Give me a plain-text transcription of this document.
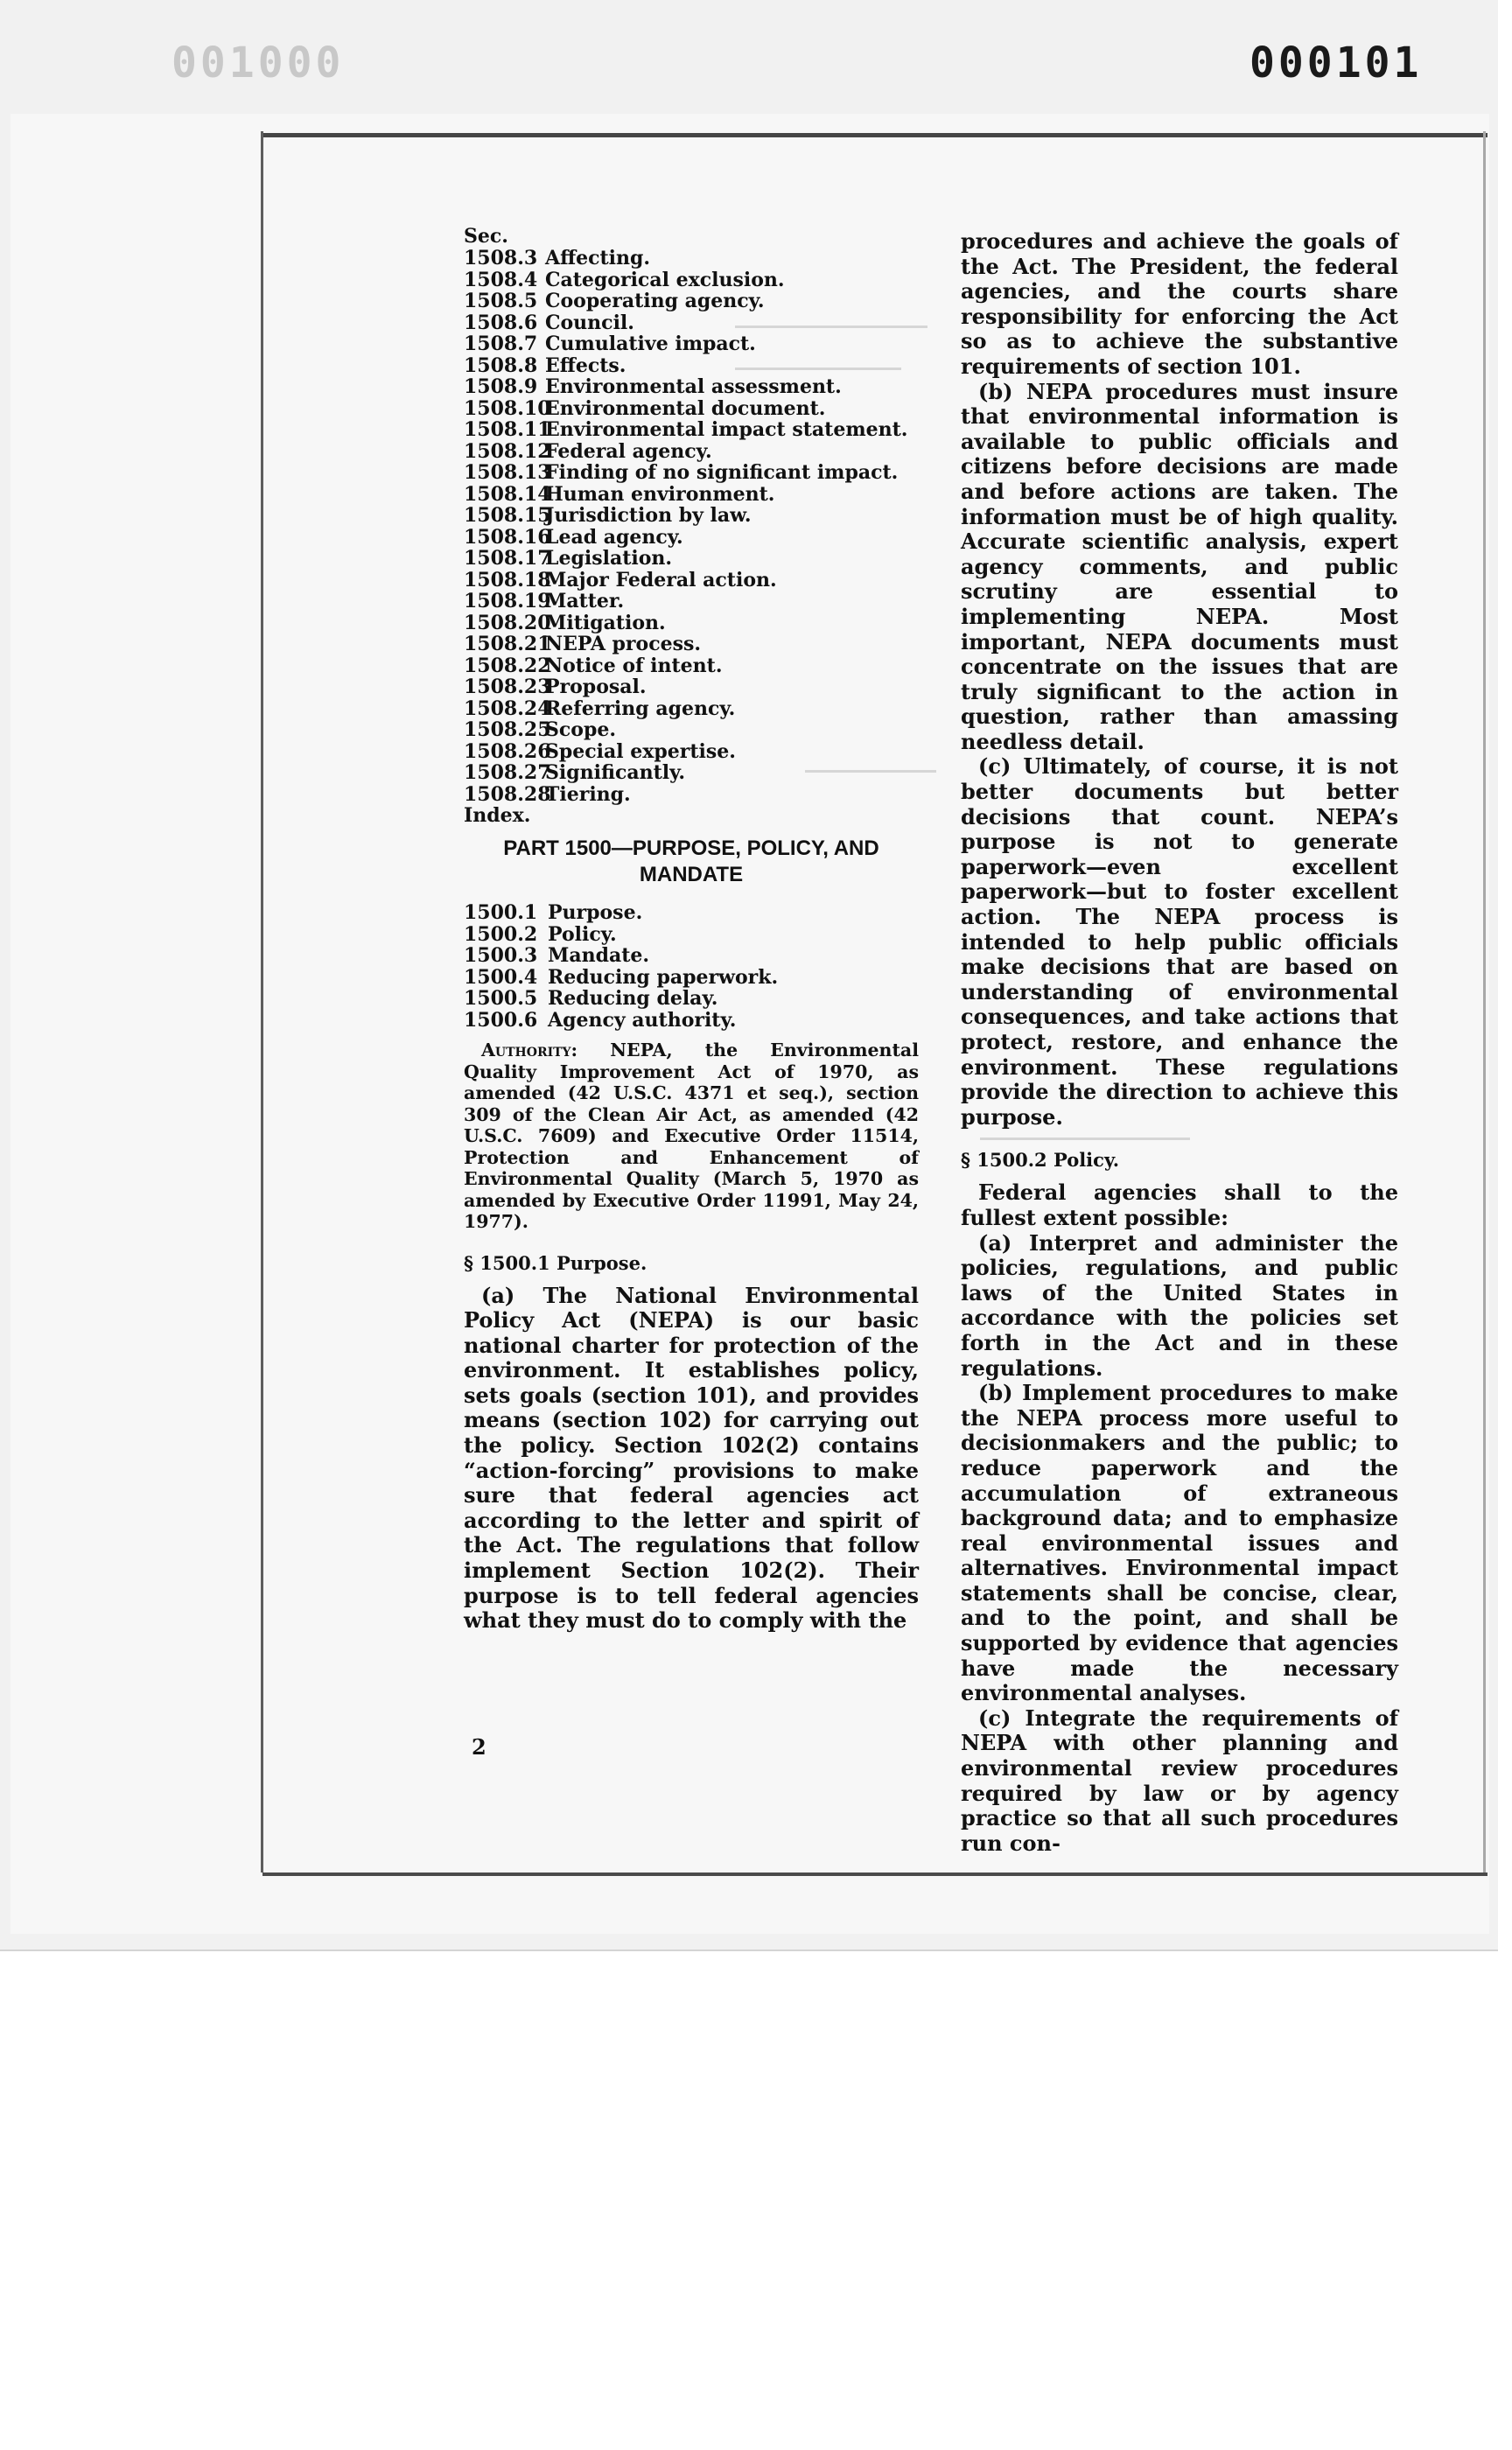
001000	000101

Sec.

1508.3 Affecting.
1508.4 Categorical exclusion.
1508.5 Cooperating agency.
1508.6 Council.
1508.7 Cumulative impact.
1508.8 Effects.
1508.9 Environmental assessment.
1508.10Environmental document.
1508.11Environmental impact statement.
1508.12Federal agency.
1508.13Finding of no significant impact.
1508.14Human environment.
1508.15Jurisdiction by law.
1508.16Lead agency.
1508.17Legislation.
1508.18Major Federal action.
1508.19Matter.
1508.20Mitigation.
1508.21NEPA process.
1508.22Notice of intent.
1508.23Proposal.
1508.24Referring agency.
1508.25Scope.
1508.26Special expertise.
1508.27Significantly.
1508.28Tiering.

Index.

PART 1500—PURPOSE, POLICY, AND MANDATE
1500.1 Purpose.
1500.2 Policy.
1500.3 Mandate.
1500.4 Reducing paperwork.
1500.5 Reducing delay.
1500.6 Agency authority.

Authority: NEPA, the Environmental Quality Improvement Act of 1970, as amended (42 U.S.C. 4371 et seq.), section 309 of the Clean Air Act, as amended (42 U.S.C. 7609) and Executive Order 11514, Protection and Enhancement of Environmental Quality (March 5, 1970 as amended by Executive Order 11991, May 24, 1977).

§ 1500.1 Purpose.

(a) The National Environmental Policy Act (NEPA) is our basic national charter for protection of the environment. It establishes policy, sets goals (section 101), and provides means (section 102) for carrying out the policy. Section 102(2) contains “action-forcing” provisions to make sure that federal agencies act according to the letter and spirit of the Act. The regulations that follow implement Section 102(2). Their purpose is to tell federal agencies what they must do to comply with the

procedures and achieve the goals of the Act. The President, the federal agencies, and the courts share responsibility for enforcing the Act so as to achieve the substantive requirements of section 101.

(b) NEPA procedures must insure that environmental information is available to public officials and citizens before decisions are made and before actions are taken. The information must be of high quality. Accurate scientific analysis, expert agency comments, and public scrutiny are essential to implementing NEPA. Most important, NEPA documents must concentrate on the issues that are truly significant to the action in question, rather than amassing needless detail.

(c) Ultimately, of course, it is not better documents but better decisions that count. NEPA’s purpose is not to generate paperwork—even excellent paperwork—but to foster excellent action. The NEPA process is intended to help public officials make decisions that are based on understanding of environmental consequences, and take actions that protect, restore, and enhance the environment. These regulations provide the direction to achieve this purpose.

§ 1500.2 Policy.

Federal agencies shall to the fullest extent possible:

(a) Interpret and administer the policies, regulations, and public laws of the United States in accordance with the policies set forth in the Act and in these regulations.

(b) Implement procedures to make the NEPA process more useful to decisionmakers and the public; to reduce paperwork and the accumulation of extraneous background data; and to emphasize real environmental issues and alternatives. Environmental impact statements shall be concise, clear, and to the point, and shall be supported by evidence that agencies have made the necessary environmental analyses.

(c) Integrate the requirements of NEPA with other planning and environmental review procedures required by law or by agency practice so that all such procedures run con-

2
